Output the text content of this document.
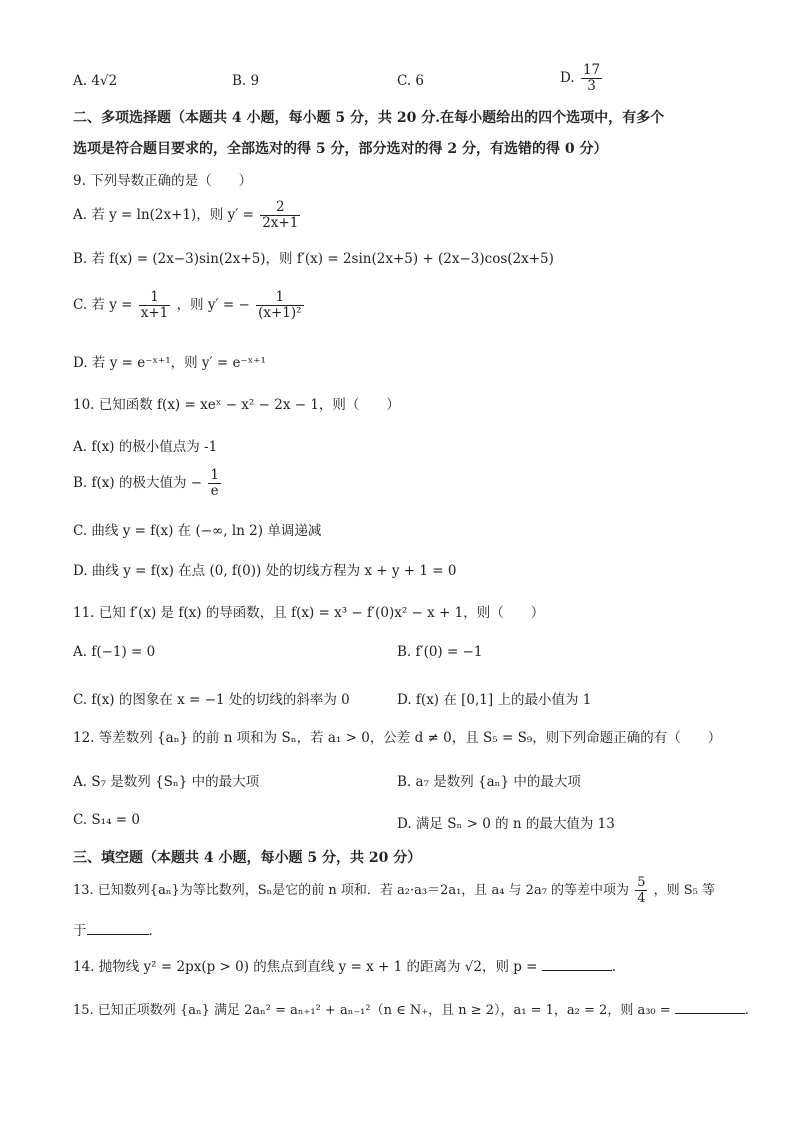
A. 4√2	B. 9	C. 6	D. $\frac{17}{3}$
二、多项选择题（本题共 4 小题，每小题 5 分，共 20 分.在每小题给出的四个选项中，有多个
选项是符合题目要求的，全部选对的得 5 分，部分选对的得 2 分，有选错的得 0 分）
9. 下列导数正确的是（　　）
A. 若 y = ln(2x+1)，则 $y' = \frac{2}{2x+1}$
B. 若 f(x) = (2x−3)sin(2x+5)，则 f′(x) = 2sin(2x+5) + (2x−3)cos(2x+5)
C. 若 $y = \frac{1}{x+1}$ ，则 y′ = − $\frac{1}{\text{(x+1)²}}$
D. 若 y = e⁻ˣ⁺¹，则 y′ = e⁻ˣ⁺¹
10. 已知函数 f(x) = xeˣ − x² − 2x − 1，则（　　）
A. f(x) 的极小值点为 -1
B. f(x) 的极大值为 − $\frac{1}{e}$
C. 曲线 y = f(x) 在 (−∞, ln 2) 单调递减
D. 曲线 y = f(x) 在点 (0, f(0)) 处的切线方程为 x + y + 1 = 0
11. 已知 f′(x) 是 f(x) 的导函数，且 f(x) = x³ − f′(0)x² − x + 1，则（　　）
A. f(−1) = 0	B. f′(0) = −1
C. f(x) 的图象在 x = −1 处的切线的斜率为 0	D. f(x) 在 [0,1] 上的最小值为 1
12. 等差数列 {aₙ} 的前 n 项和为 Sₙ，若 a₁ > 0，公差 d ≠ 0，且 S₅ = S₉，则下列命题正确的有（　　）
A. S₇ 是数列 {Sₙ} 中的最大项	B. a₇ 是数列 {aₙ} 中的最大项
C. S₁₄ = 0	D. 满足 Sₙ > 0 的 n 的最大值为 13
三、填空题（本题共 4 小题，每小题 5 分，共 20 分）
13. 已知数列{aₙ}为等比数列，Sₙ是它的前 n 项和．若 a₂·a₃＝2a₁，且 a₄ 与 2a₇ 的等差中项为 $\frac{5}{4}$ ，则 S₅ 等
于	．
14. 抛物线 y² = 2px(p > 0) 的焦点到直线 y = x + 1 的距离为 √2，则 p =	.
15. 已知正项数列 {aₙ} 满足 2aₙ² = aₙ₊₁² + aₙ₋₁²（n ∈ N₊，且 n ≥ 2），a₁ = 1，a₂ = 2，则 a₃₀ =	.
